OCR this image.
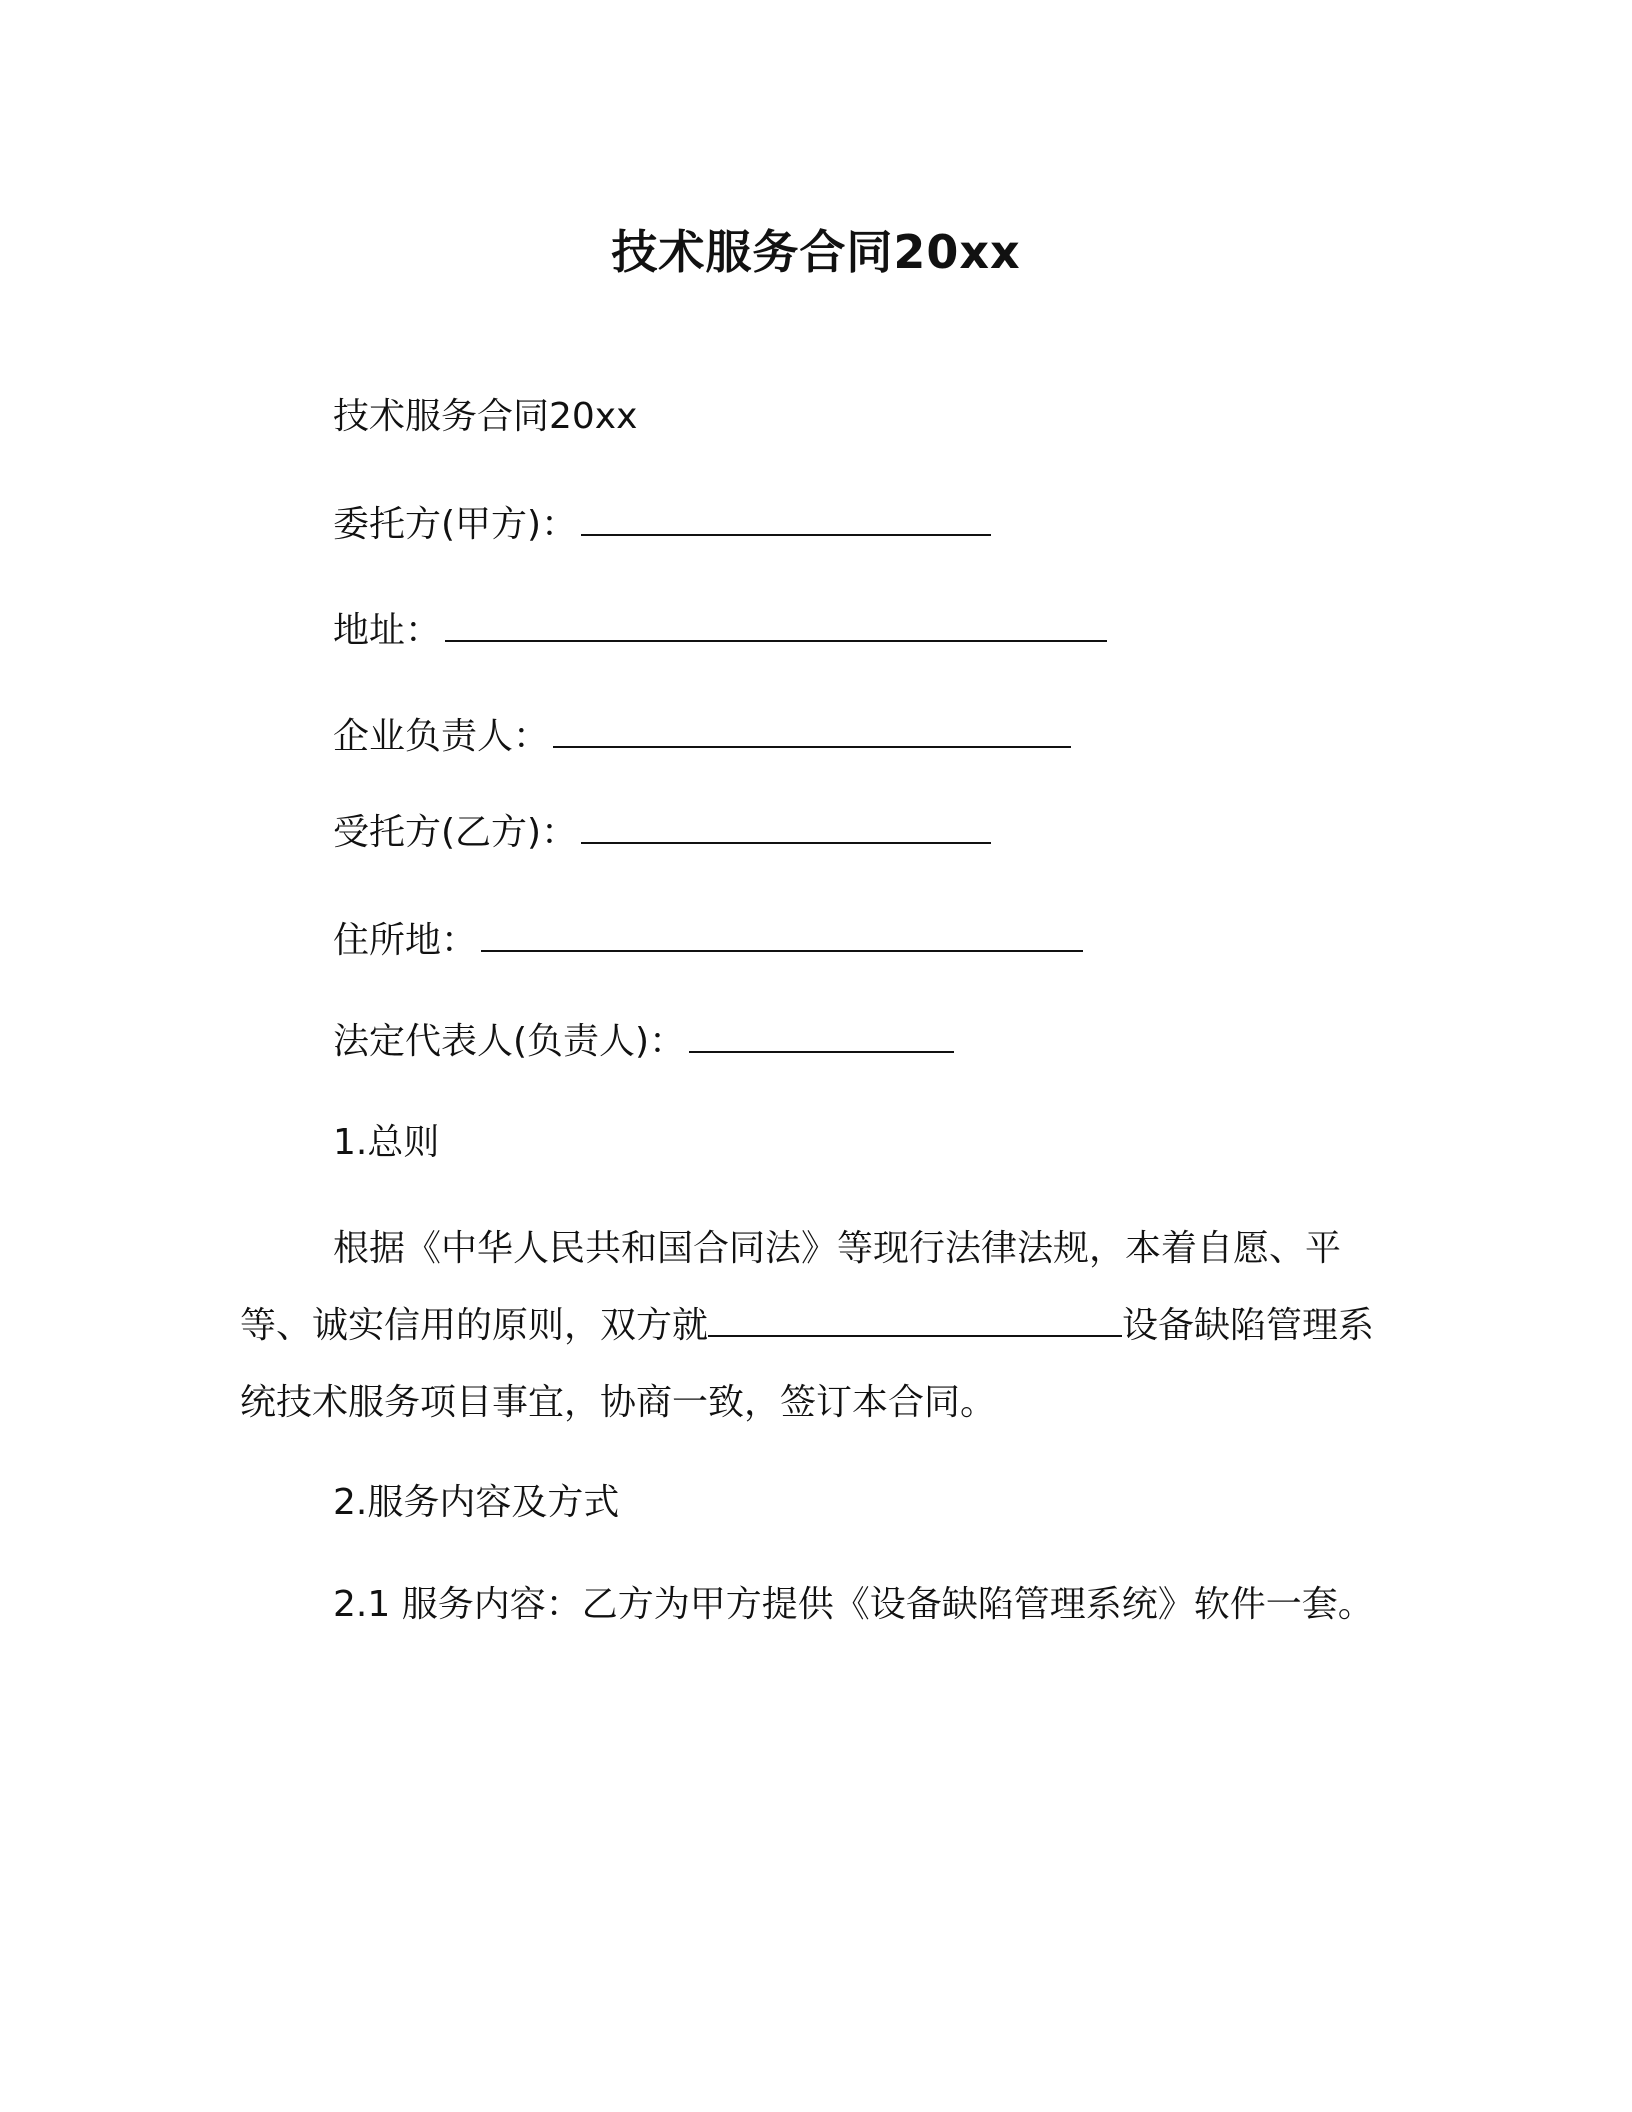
技术服务合同20xx
技术服务合同20xx
委托方(甲方)：
地址：
企业负责人：
受托方(乙方)：
住所地：
法定代表人(负责人)：
1.总则
根据《中华人民共和国合同法》等现行法律法规，本着自愿、平等、诚实信用的原则，双方就	设备缺陷管理系统技术服务项目事宜，协商一致，签订本合同。
2.服务内容及方式
2.1 服务内容：乙方为甲方提供《设备缺陷管理系统》软件一套。
